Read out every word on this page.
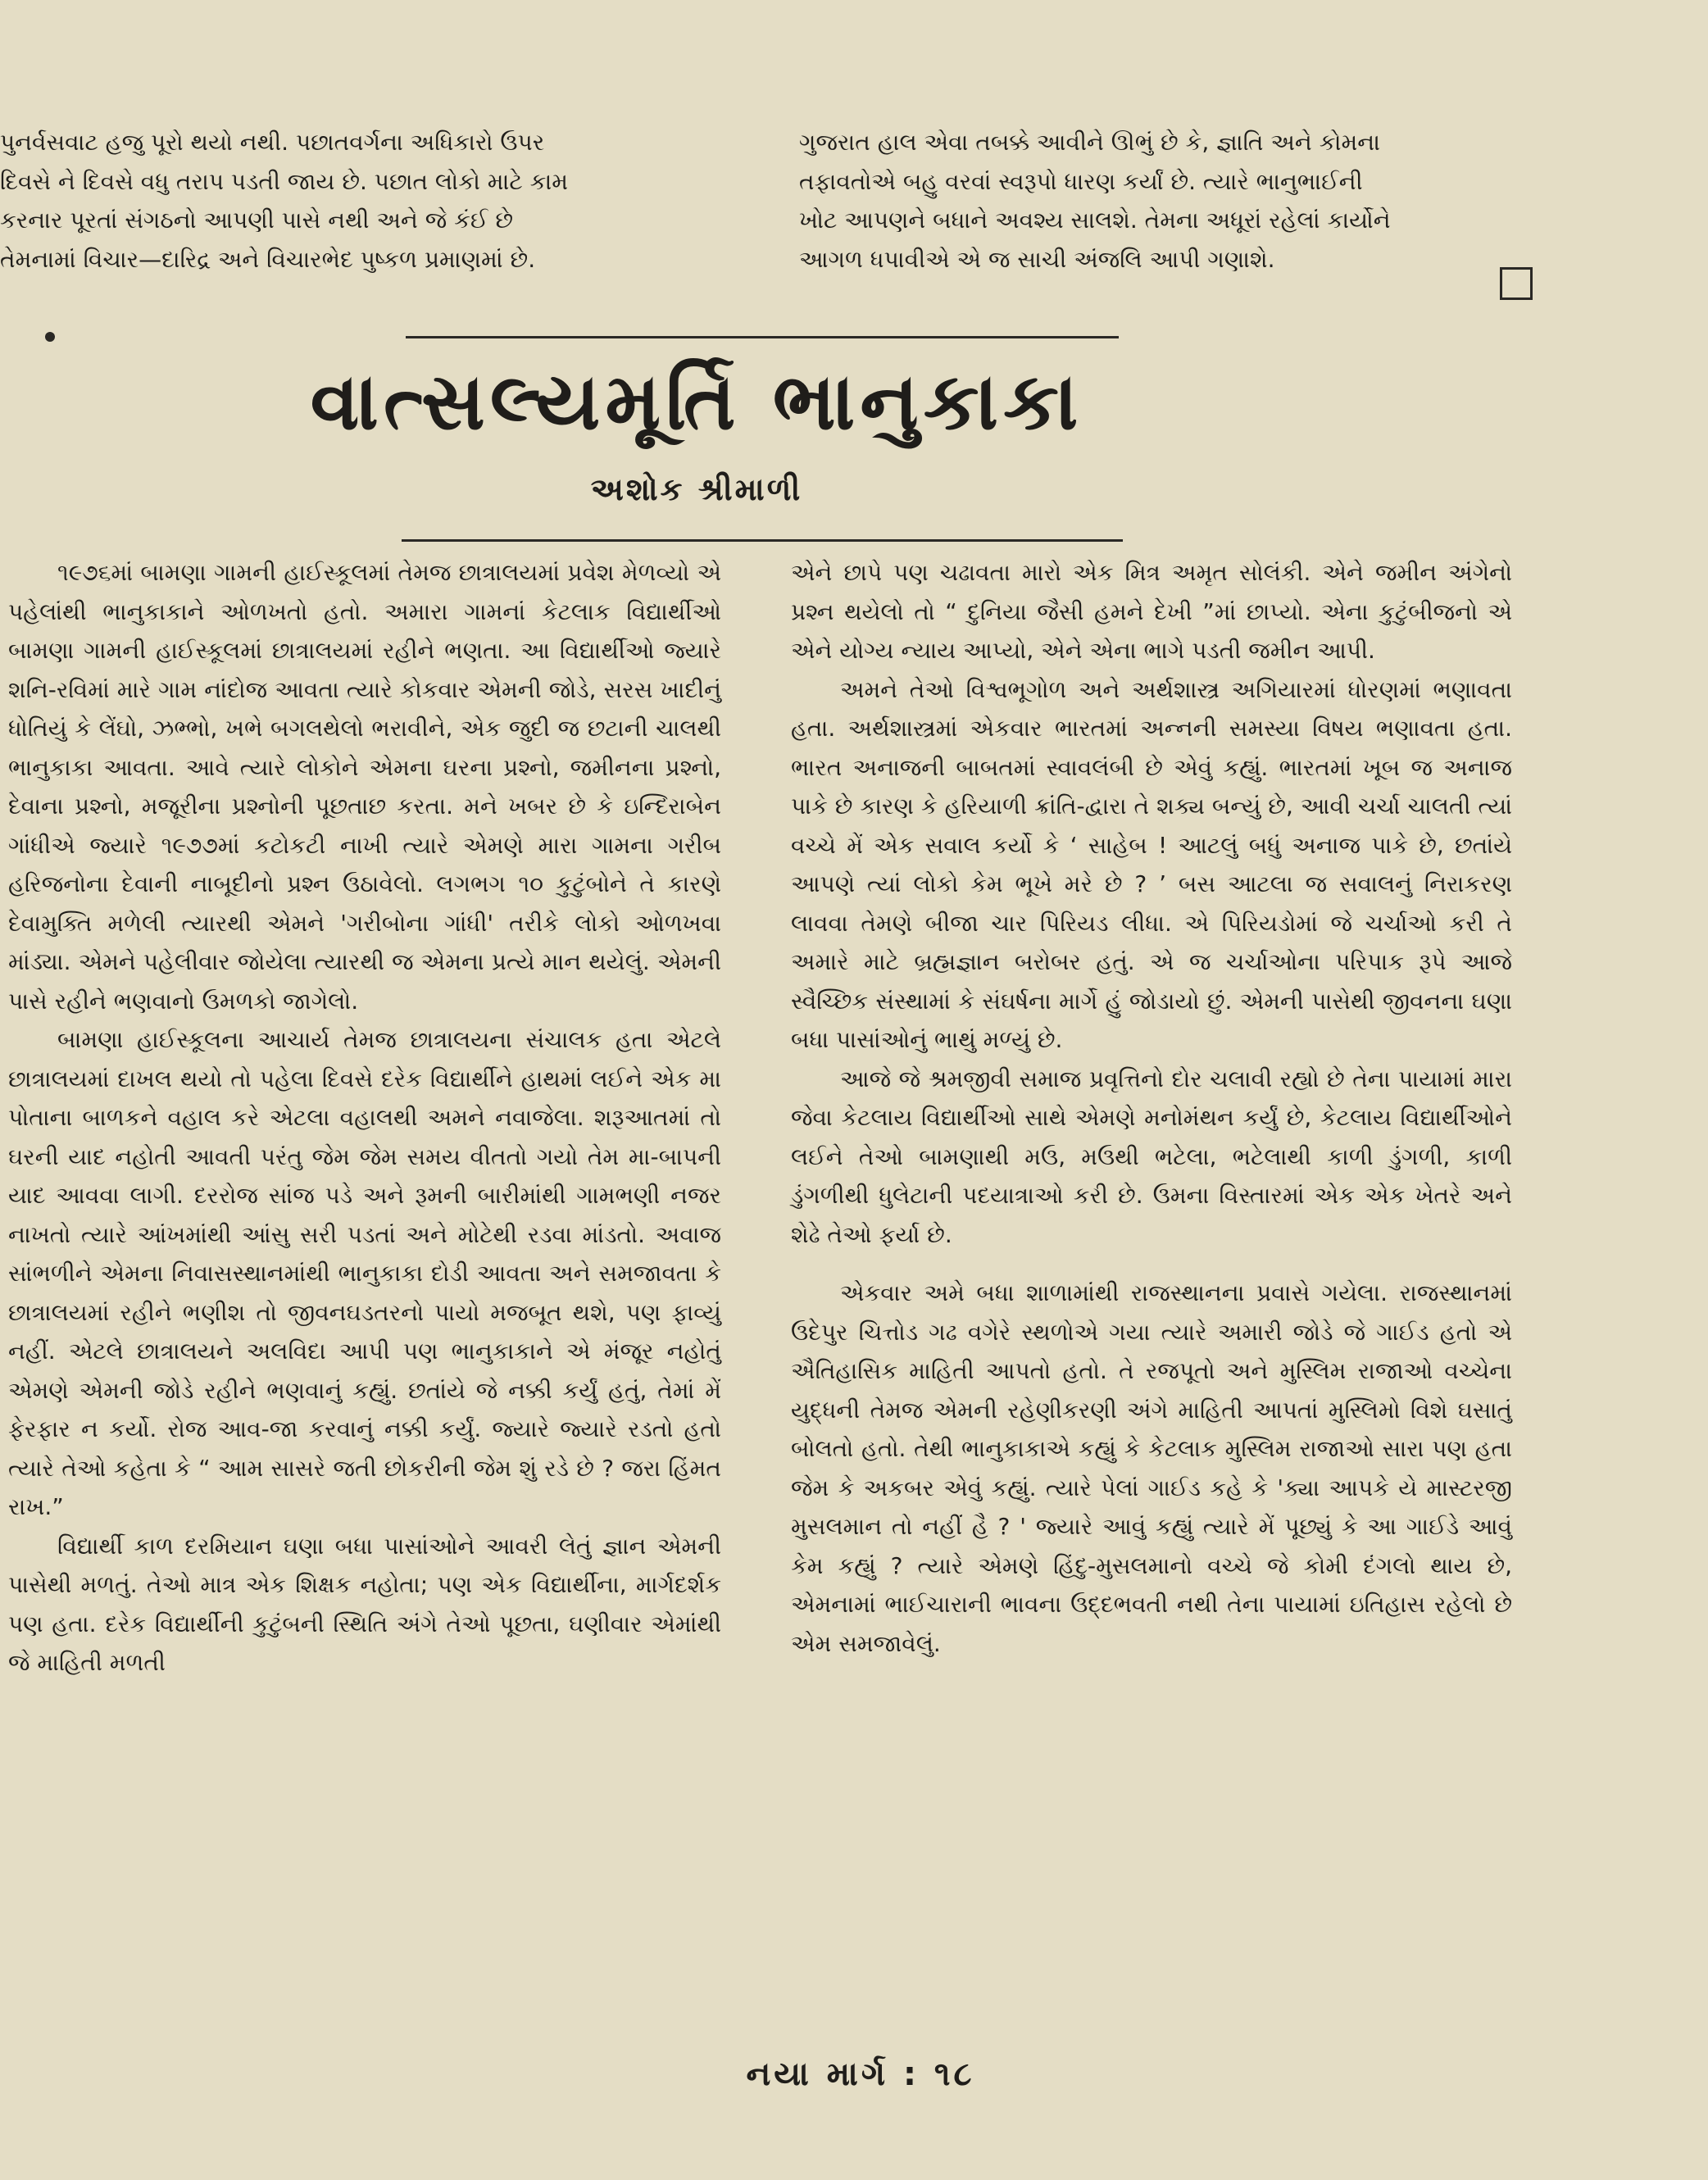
પુનર્વસવાટ હજુ પૂરો થયો નથી. પછાતવર્ગના અધિકારો ઉપર

દિવસે ને દિવસે વધુ તરાપ પડતી જાય છે. પછાત લોકો માટે કામ

કરનાર પૂરતાં સંગઠનો આપણી પાસે નથી અને જે કંઈ છે

તેમનામાં વિચાર—દારિદ્ર અને વિચારભેદ પુષ્કળ પ્રમાણમાં છે.

ગુજરાત હાલ એવા તબક્કે આવીને ઊભું છે કે, જ્ઞાતિ અને કોમના

તફાવતોએ બહુ વરવાં સ્વરૂપો ધારણ કર્યાં છે. ત્યારે ભાનુભાઈની

ખોટ આપણને બધાને અવશ્ય સાલશે. તેમના અધૂરાં રહેલાં કાર્યોને

આગળ ધપાવીએ એ જ સાચી અંજલિ આપી ગણાશે.

વાત્સલ્યમૂર્તિ ભાનુકાકા
અશોક શ્રીમાળી

૧૯૭૬માં બામણા ગામની હાઈસ્કૂલમાં તેમજ છાત્રાલયમાં પ્રવેશ મેળવ્યો એ પહેલાંથી ભાનુકાકાને ઓળખતો હતો. અમારા ગામનાં કેટલાક વિદ્યાર્થીઓ બામણા ગામની હાઈસ્કૂલમાં છાત્રાલયમાં રહીને ભણતા. આ વિદ્યાર્થીઓ જ્યારે શનિ-રવિમાં મારે ગામ નાંદોજ આવતા ત્યારે કોકવાર એમની જોડે, સરસ ખાદીનું ધોતિયું કે લેંઘો, ઝભ્ભો, ખભે બગલથેલો ભરાવીને, એક જુદી જ છટાની ચાલથી ભાનુકાકા આવતા. આવે ત્યારે લોકોને એમના ઘરના પ્રશ્નો, જમીનના પ્રશ્નો, દેવાના પ્રશ્નો, મજૂરીના પ્રશ્નોની પૂછતાછ કરતા. મને ખબર છે કે ઇન્દિરાબેન ગાંધીએ જ્યારે ૧૯૭૭માં કટોકટી નાખી ત્યારે એમણે મારા ગામના ગરીબ હરિજનોના દેવાની નાબૂદીનો પ્રશ્ન ઉઠાવેલો. લગભગ ૧૦ કુટુંબોને તે કારણે દેવામુક્તિ મળેલી ત્યારથી એમને 'ગરીબોના ગાંધી' તરીકે લોકો ઓળખવા માંડ્યા. એમને પહેલીવાર જોયેલા ત્યારથી જ એમના પ્રત્યે માન થયેલું. એમની પાસે રહીને ભણવાનો ઉમળકો જાગેલો.

બામણા હાઈસ્કૂલના આચાર્ય તેમજ છાત્રાલયના સંચાલક હતા એટલે છાત્રાલયમાં દાખલ થયો તો પહેલા દિવસે દરેક વિદ્યાર્થીને હાથમાં લઈને એક મા પોતાના બાળકને વહાલ કરે એટલા વહાલથી અમને નવાજેલા. શરૂઆતમાં તો ઘરની યાદ નહોતી આવતી પરંતુ જેમ જેમ સમય વીતતો ગયો તેમ મા-બાપની યાદ આવવા લાગી. દરરોજ સાંજ પડે અને રૂમની બારીમાંથી ગામભણી નજર નાખતો ત્યારે આંખમાંથી આંસુ સરી પડતાં અને મોટેથી રડવા માંડતો. અવાજ સાંભળીને એમના નિવાસસ્થાનમાંથી ભાનુકાકા દોડી આવતા અને સમજાવતા કે છાત્રાલયમાં રહીને ભણીશ તો જીવનઘડતરનો પાયો મજબૂત થશે, પણ ફાવ્યું નહીં. એટલે છાત્રાલયને અલવિદા આપી પણ ભાનુકાકાને એ મંજૂર નહોતું એમણે એમની જોડે રહીને ભણવાનું કહ્યું. છતાંયે જે નક્કી કર્યું હતું, તેમાં મેં ફેરફાર ન કર્યો. રોજ આવ-જા કરવાનું નક્કી કર્યું. જ્યારે જ્યારે રડતો હતો ત્યારે તેઓ કહેતા કે “ આમ સાસરે જતી છોકરીની જેમ શું રડે છે ? જરા હિંમત રાખ.”

વિદ્યાર્થી કાળ દરમિયાન ઘણા બધા પાસાંઓને આવરી લેતું જ્ઞાન એમની પાસેથી મળતું. તેઓ માત્ર એક શિક્ષક નહોતા; પણ એક વિદ્યાર્થીના, માર્ગદર્શક પણ હતા. દરેક વિદ્યાર્થીની કુટુંબની સ્થિતિ અંગે તેઓ પૂછતા, ઘણીવાર એમાંથી જે માહિતી મળતી

એને છાપે પણ ચઢાવતા મારો એક મિત્ર અમૃત સોલંકી. એને જમીન અંગેનો પ્રશ્ન થયેલો તો “ દુનિયા જૈસી હમને દેખી ”માં છાપ્યો. એના કુટુંબીજનો એ એને યોગ્ય ન્યાય આપ્યો, એને એના ભાગે પડતી જમીન આપી.

અમને તેઓ વિશ્વભૂગોળ અને અર્થશાસ્ત્ર અગિયારમાં ધોરણમાં ભણાવતા હતા. અર્થશાસ્ત્રમાં એકવાર ભારતમાં અન્નની સમસ્યા વિષય ભણાવતા હતા. ભારત અનાજની બાબતમાં સ્વાવલંબી છે એવું કહ્યું. ભારતમાં ખૂબ જ અનાજ પાકે છે કારણ કે હરિયાળી ક્રાંતિ-દ્વારા તે શક્ય બન્યું છે, આવી ચર્ચા ચાલતી ત્યાં વચ્ચે મેં એક સવાલ કર્યો કે ‘ સાહેબ ! આટલું બધું અનાજ પાકે છે, છતાંયે આપણે ત્યાં લોકો કેમ ભૂખે મરે છે ? ’ બસ આટલા જ સવાલનું નિરાકરણ લાવવા તેમણે બીજા ચાર પિરિયડ લીધા. એ પિરિયડોમાં જે ચર્ચાઓ કરી તે અમારે માટે બ્રહ્મજ્ઞાન બરોબર હતું. એ જ ચર્ચાઓના પરિપાક રૂપે આજે સ્વૈચ્છિક સંસ્થામાં કે સંઘર્ષના માર્ગે હું જોડાયો છું. એમની પાસેથી જીવનના ઘણા બધા પાસાંઓનું ભાથું મળ્યું છે.

આજે જે શ્રમજીવી સમાજ પ્રવૃત્તિનો દોર ચલાવી રહ્યો છે તેના પાયામાં મારા જેવા કેટલાય વિદ્યાર્થીઓ સાથે એમણે મનોમંથન કર્યું છે, કેટલાય વિદ્યાર્થીઓને લઈને તેઓ બામણાથી મઉ, મઉથી ભટેલા, ભટેલાથી કાળી ડુંગળી, કાળી ડુંગળીથી ધુલેટાની પદયાત્રાઓ કરી છે. ઉમના વિસ્તારમાં એક એક ખેતરે અને શેઢે તેઓ ફર્યા છે.

એકવાર અમે બધા શાળામાંથી રાજસ્થાનના પ્રવાસે ગયેલા. રાજસ્થાનમાં ઉદેપુર ચિત્તોડ ગઢ વગેરે સ્થળોએ ગયા ત્યારે અમારી જોડે જે ગાઈડ હતો એ ઐતિહાસિક માહિતી આપતો હતો. તે રજપૂતો અને મુસ્લિમ રાજાઓ વચ્ચેના યુદ્ધની તેમજ એમની રહેણીકરણી અંગે માહિતી આપતાં મુસ્લિમો વિશે ઘસાતું બોલતો હતો. તેથી ભાનુકાકાએ કહ્યું કે કેટલાક મુસ્લિમ રાજાઓ સારા પણ હતા જેમ કે અકબર એવું કહ્યું. ત્યારે પેલાં ગાઈડ કહે કે 'ક્યા આપકે યે માસ્ટરજી મુસલમાન તો નહીં હૈ ? ' જ્યારે આવું કહ્યું ત્યારે મેં પૂછ્યું કે આ ગાઈડે આવું કેમ કહ્યું ? ત્યારે એમણે હિંદુ-મુસલમાનો વચ્ચે જે કોમી દંગલો થાય છે, એમનામાં ભાઈચારાની ભાવના ઉદ્દભવતી નથી તેના પાયામાં ઇતિહાસ રહેલો છે એમ સમજાવેલું.

નયા માર્ગ : ૧૮
